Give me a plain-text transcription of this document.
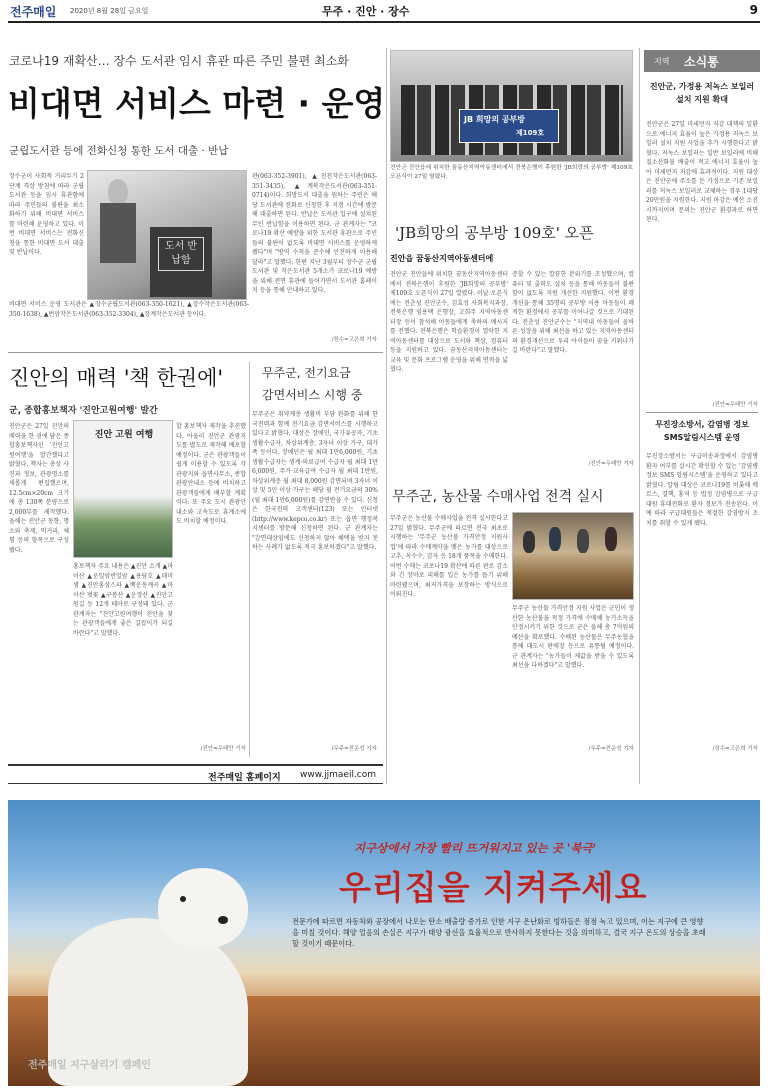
전주매일 2020년 8월 28일 금요일	무주 · 진안 · 장수	9
코로나19 재확산… 장수 도서관 임시 휴관 따른 주민 불편 최소화
비대면 서비스 마련 · 운영
군립도서관 등에 전화신청 통한 도서 대출 · 반납
장수군이 사회적 거리두기 2단계 격상 방침에 따라 군립도서관 등을 임시 휴관함에 따라 주민들의 불편을 최소화하기 위해 비대면 서비스를 마련해 운영하고 있다. 이번 비대면 서비스는 전화신청을 통한 비대면 도서 대출 및 반납이다.
도서 반납함
비대면 서비스 운영 도서관은 ▲장수군립도서관(063-350-1621), ▲장수작은도서관(063-350-1638), ▲번암작은도서관(063-352-3304), ▲장계작은도서관 등이다.
관(063-352-3901), ▲천천작은도서관(063-351-3435), ▲계북작은도서관(063-351-0714)이다. 희망도서 대출을 원하는 주민은 해당 도서관에 전화로 신청한 후 지정 시간에 방문해 대출하면 된다. 반납은 도서관 입구에 설치된 무인 반납함을 이용하면 된다. 군 관계자는 "코로나19 확산 예방을 위한 도서관 휴관으로 주민들의 불편이 없도록 비대면 서비스를 운영하게 됐다"며 "방역 수칙을 준수해 안전하게 이용해 달라"고 말했다. 한편 지난 3월부터 장수군 군립도서관 및 작은도서관 5개소가 코로나19 예방을 위해 전면 휴관에 들어가면서 도서관 홈페이지 등을 통해 안내하고 있다.
/장수=고은희 기자
진안의 매력 '책 한권에'
군, 종합홍보책자 '진안고원여행' 발간
진안군은 27일 진안의 매력을 한 권에 담은 종합홍보책자인 '진안고원여행'을 발간했다고 밝혔다. 책자는 총상 사진과 정보, 관광명소를 새롭게 편집했으며, 12.5cm×20cm 크기에 총 130쪽 분량으로 2,000부를 제작했다. 올해는 진안군 동향, 명소와 축제, 먹거리, 체험 등의 항목으로 구성됐다.
진안 고원 여행
홍보책자 주요 내용은 ▲진안 소개 ▲마이산 ▲운일암반일암 ▲용담호 ▲데미샘 ▲진안홍삼스파 ▲백운동계곡 ▲마이산 벚꽃 ▲구봉산 ▲운장산 ▲진안고원길 등 12개 테마로 구성돼 있다. 군 관계자는 "진안고원여행이 진안을 찾는 관광객들에게 좋은 길잡이가 되길 바란다"고 말했다.
할 홍보책자 제작을 추진했다. 아울러 진안군 관광지도를 별도로 제작해 배포할 예정이다. 군은 관광객들이 쉽게 이용할 수 있도록 각 관광지와 읍면사무소, 종합관광안내소 등에 비치하고 관광객들에게 배부할 계획이다. 또 주요 도시 관광안내소와 고속도로 휴게소에도 비치할 예정이다.
/진안=우태만 기자
무주군, 전기요금
감면서비스 시행 중
무주군은 취약계층 생활비 부담 완화를 위해 한국전력과 함께 전기요금 감면서비스를 시행하고 있다고 밝혔다. 대상은 장애인, 국가유공자, 기초생활수급자, 차상위계층, 3자녀 이상 가구, 대가족 등이다. 장애인은 월 최대 1만6,000원, 기초생활수급자는 생계·의료급여 수급자 월 최대 1만6,000원, 주거·교육급여 수급자 월 최대 1만원, 차상위계층 월 최대 8,000원 감면되며 3자녀 이상 및 5인 이상 가구는 해당 월 전기요금의 30%(월 최대 1만6,000원)를 감면받을 수 있다. 신청은 한국전력 고객센터(123) 또는 인터넷(http://www.kepco.co.kr) 또는 읍면 행정복지센터를 방문해 신청하면 된다. 군 관계자는 "감면대상임에도 신청하지 않아 혜택을 받지 못하는 사례가 없도록 적극 홍보하겠다"고 말했다.
/무주=전운성 기자
전주매일 홈페이지 www.jjmaeil.com
JB 희망의 공부방
제109호
진안군 진안읍에 위치한 꿈동산지역아동센터에서 전북은행이 후원한 'JB희망의 공부방' 제109호 오픈식이 27일 열렸다.
'JB희망의 공부방 109호' 오픈
진안읍 꿈동산지역아동센터에
진안군 진안읍에 위치한 꿈동산지역아동센터에서 전북은행이 후원한 'JB희망의 공부방' 제109호 오픈식이 27일 열렸다. 이날 오픈식에는 전춘성 진안군수, 김효성 사회복지과장, 전북은행 임용택 은행장, 고희주 지역아동센터장 등이 참석해 아동들에게 축하의 메시지를 전했다. 전북은행은 학습환경이 열악한 지역아동센터를 대상으로 도서와 책상, 컴퓨터 등을 지원하고 있다. 꿈동산지역아동센터는 교육 및 문화 프로그램 운영을 위해 면적을 넓혔다.
증할 수 있는 깔끔한 분위기를 조성했으며, 컴퓨터 및 출력도 설치 등을 통해 아동들이 불편함이 없도록 지원 개선한 지원했다. 이번 환경개선을 통해 35명의 공부방 이용 아동들이 쾌적한 환경에서 공부를 이어나갈 것으로 기대된다. 전춘성 진안군수는 "지역내 아동들이 올바른 성장을 위해 최선을 하고 있는 지역아동센터의 환경개선으로 우리 아이들이 꿈을 키워나가길 바란다"고 말했다.
/진안=우태만 기자
무주군, 농산물 수매사업 전격 실시
무주군은 농산물 수매사업을 전격 실시한다고 27일 밝혔다. 무주군에 따르면 전국 최초로 시행하는 '무주군 농산물 가격안정 지원사업'에 따라 수매계약을 맺은 농가를 대상으로 고추, 옥수수, 감자 등 18개 품목을 수매한다. 이번 수매는 코로나19 확산에 따른 판로 감소와 긴 장마로 피해를 입은 농가를 돕기 위해 마련됐으며, 최저가격을 보장하는 방식으로 이뤄진다.
무주군 농산물 가격안정 지원 사업은 군민이 생산한 농산물을 적정 가격에 수매해 농가소득을 안정시키기 위한 것으로 군은 올해 총 7억원의 예산을 확보했다. 수매된 농산물은 무주농협을 통해 대도시 판매장 등으로 유통될 예정이다. 군 관계자는 "농가들이 제값을 받을 수 있도록 최선을 다하겠다"고 말했다.
/무주=전운성 기자
지역 소식통
진안군, 가정용 저녹스 보일러 설치 지원 확대
진안군은 27일 미세먼지 저감 대책의 일환으로 에너지 효율이 높은 가정용 저녹스 보일러 설치 지원 사업을 추가 시행한다고 밝혔다. 저녹스 보일러는 일반 보일러에 비해 질소산화물 배출이 적고 에너지 효율이 높아 미세먼지 저감에 효과적이다. 지원 대상은 진안군에 주소를 둔 가정으로 기존 보일러를 저녹스 보일러로 교체하는 경우 1대당 20만원을 지원한다. 지원 마감은 예산 소진 시까지이며 문의는 진안군 환경과로 하면 된다.
/진안=우태만 기자
무진장소방서, 감염병 정보 SMS알림시스템 운영
무진장소방서는 구급이송과정에서 감염병 환자 여부를 실시간 확인할 수 있는 '감염병 정보 SMS 알림시스템'을 운영하고 있다고 밝혔다. 알림 대상은 코로나19를 비롯해 메르스, 결핵, 홍역 등 법정 감염병으로 구급대원 휴대전화로 환자 정보가 전송된다. 이에 따라 구급대원들은 적절한 감염방지 조치를 취할 수 있게 됐다.
/장수=고은희 기자
지구상에서 가장 빨리 뜨거워지고 있는 곳 '북극'
우리집을 지켜주세요
전문가에 따르면 자동차와 공장에서 나오는 탄소 배출량 증가로 인한 지구 온난화로 빙하들은 점점 녹고 있으며, 이는 지구에 큰 영향을 미칠 것이다. 해양 얼음의 손실은 지구가 태양 광선을 효율적으로 반사하지 못한다는 것을 의미하고, 결국 지구 온도의 상승을 초래할 것이기 때문이다.
전주매일 지구살리기 캠페인
